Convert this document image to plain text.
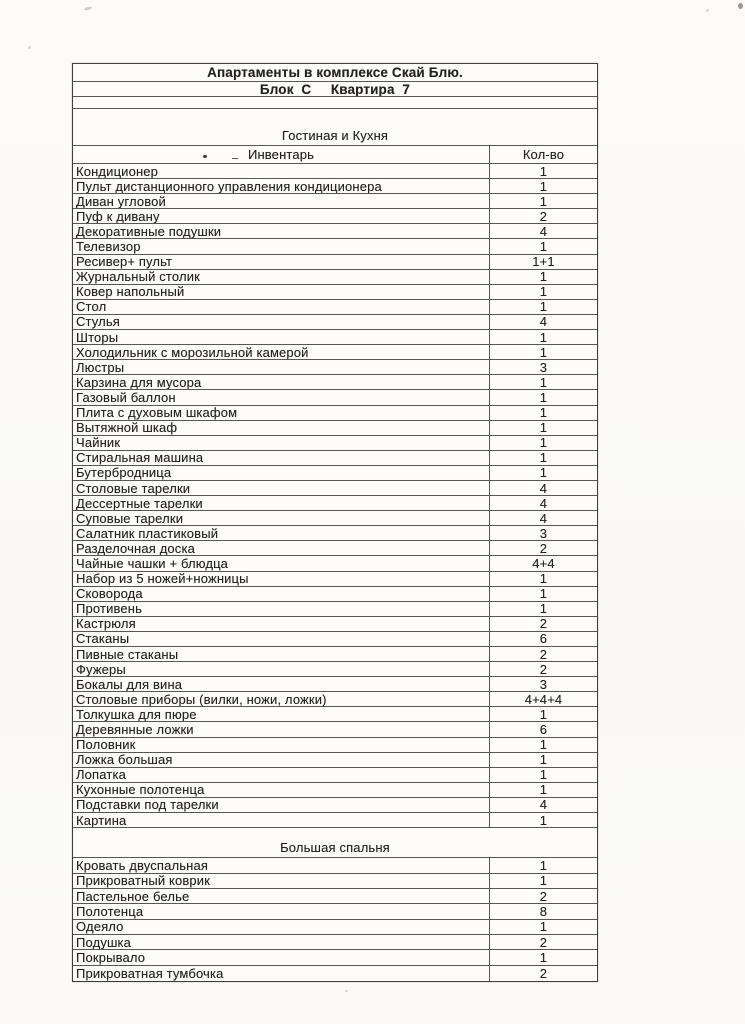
Апартаменты в комплексе Скай Блю.
Блок  С     Квартира  7
Гостиная и Кухня
Инвентарь	Кол-во
Кондиционер	1
Пульт дистанционного управления кондиционера	1
Диван угловой	1
Пуф к дивану	2
Декоративные подушки	4
Телевизор	1
Ресивер+ пульт	1+1
Журнальный столик	1
Ковер напольный	1
Стол	1
Стулья	4
Шторы	1
Холодильник с морозильной камерой	1
Люстры	3
Карзина для мусора	1
Газовый баллон	1
Плита с духовым шкафом	1
Вытяжной шкаф	1
Чайник	1
Стиральная машина	1
Бутербродница	1
Столовые тарелки	4
Дессертные тарелки	4
Суповые тарелки	4
Салатник пластиковый	3
Разделочная доска	2
Чайные чашки + блюдца	4+4
Набор из 5 ножей+ножницы	1
Сковорода	1
Противень	1
Кастрюля	2
Стаканы	6
Пивные стаканы	2
Фужеры	2
Бокалы для вина	3
Столовые приборы (вилки, ножи, ложки)	4+4+4
Толкушка для пюре	1
Деревянные ложки	6
Половник	1
Ложка большая	1
Лопатка	1
Кухонные полотенца	1
Подставки под тарелки	4
Картина	1
Большая спальня
Кровать двуспальная	1
Прикроватный коврик	1
Пастельное белье	2
Полотенца	8
Одеяло	1
Подушка	2
Покрывало	1
Прикроватная тумбочка	2
